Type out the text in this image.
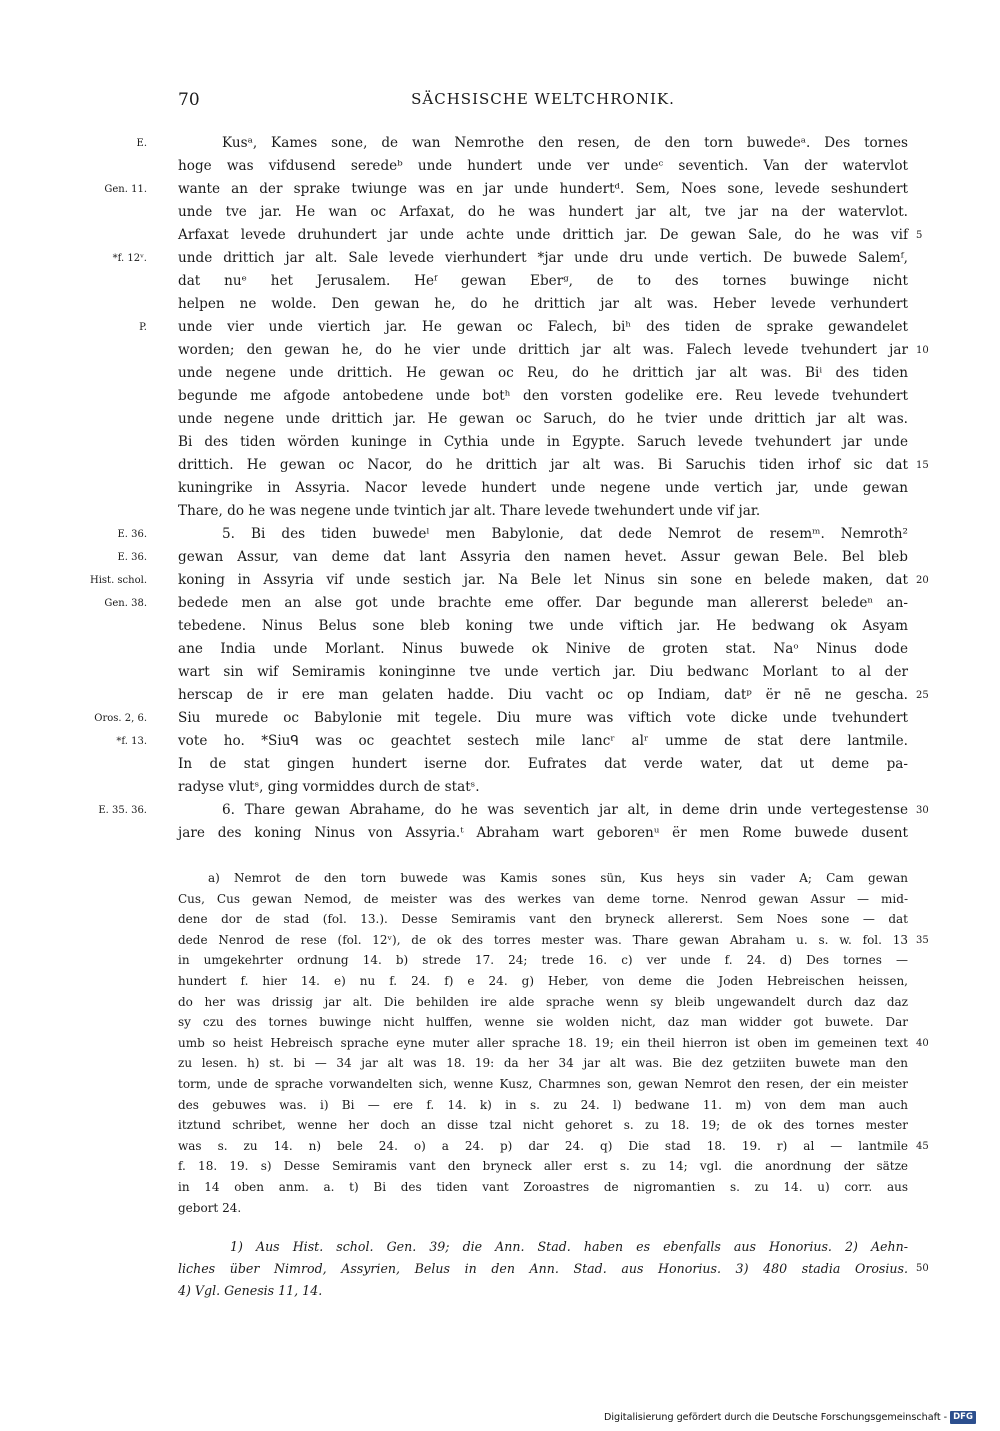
70	SÄCHSISCHE WELTCHRONIK.
E.	Kusᵃ, Kames sone, de wan Nemrothe den resen, de den torn buwedeᵃ. Des tornes
hoge was vifdusend seredeᵇ unde hundert unde ver undeᶜ seventich. Van der watervlot
Gen. 11. wante an der sprake twiunge was en jar unde hundertᵈ. Sem, Noes sone, levede seshundert
unde tve jar. He wan oc Arfaxat, do he was hundert jar alt, tve jar na der watervlot.
Arfaxat levede druhundert jar unde achte unde drittich jar. De gewan Sale, do he was vif 5
*f. 12ᵛ. unde drittich jar alt. Sale levede vierhundert *jar unde dru unde vertich. De buwede Salemᶠ,
dat nuᵉ het Jerusalem. Heᶠ gewan Eberᵍ, de to des tornes buwinge nicht
helpen ne wolde. Den gewan he, do he drittich jar alt was. Heber levede verhundert
P. unde vier unde viertich jar. He gewan oc Falech, biʰ des tiden de sprake gewandelet
worden; den gewan he, do he vier unde drittich jar alt was. Falech levede tvehundert jar 10
unde negene unde drittich. He gewan oc Reu, do he drittich jar alt was. Biⁱ des tiden
begunde me afgode antobedene unde botʰ den vorsten godelike ere. Reu levede tvehundert
unde negene unde drittich jar. He gewan oc Saruch, do he tvier unde drittich jar alt was.
Bi des tiden wörden kuninge in Cythia unde in Egypte. Saruch levede tvehundert jar unde
drittich. He gewan oc Nacor, do he drittich jar alt was. Bi Saruchis tiden irhof sic dat 15
kuningrike in Assyria. Nacor levede hundert unde negene unde vertich jar, unde gewan
Thare, do he was negene unde tvintich jar alt. Thare levede twehundert unde vif jar.
E. 36.	5. Bi des tiden buwedeˡ men Babylonie, dat dede Nemrot de resemᵐ. Nemroth²
E. 36. gewan Assur, van deme dat lant Assyria den namen hevet. Assur gewan Bele. Bel bleb
Hist. schol. koning in Assyria vif unde sestich jar. Na Bele let Ninus sin sone en belede maken, dat 20
Gen. 38. bedede men an alse got unde brachte eme offer. Dar begunde man allererst beledeⁿ an-
tebedene. Ninus Belus sone bleb koning twe unde viftich jar. He bedwang ok Asyam
ane India unde Morlant. Ninus buwede ok Ninive de groten stat. Naᵒ Ninus dode
wart sin wif Semiramis koninginne tve unde vertich jar. Diu bedwanc Morlant to al der
herscap de ir ere man gelaten hadde. Diu vacht oc op Indiam, datᵖ ër nē ne gescha. 25
Oros. 2, 6. Siu murede oc Babylonie mit tegele. Diu mure was viftich vote dicke unde tvehundert
*f. 13. vote ho. *Siuᑫ was oc geachtet sestech mile lancʳ alʳ umme de stat dere lantmile.
In de stat gingen hundert iserne dor. Eufrates dat verde water, dat ut deme pa-
radyse vlutˢ, ging vormiddes durch de statˢ.
E. 35. 36.	6. Thare gewan Abrahame, do he was seventich jar alt, in deme drin unde vertegestense 30
jare des koning Ninus von Assyria.ᵗ Abraham wart geborenᵘ ër men Rome buwede dusent
a) Nemrot de den torn buwede was Kamis sones sün, Kus heys sin vader A; Cam gewan
Cus, Cus gewan Nemod, de meister was des werkes van deme torne. Nenrod gewan Assur — mid-
dene dor de stad (fol. 13.). Desse Semiramis vant den bryneck allererst. Sem Noes sone — dat
dede Nenrod de rese (fol. 12ᵛ), de ok des torres mester was. Thare gewan Abraham u. s. w. fol. 13 35
in umgekehrter ordnung 14. b) strede 17. 24; trede 16. c) ver unde f. 24. d) Des tornes —
hundert f. hier 14. e) nu f. 24. f) e 24. g) Heber, von deme die Joden Hebreischen heissen,
do her was drissig jar alt. Die behilden ire alde sprache wenn sy bleib ungewandelt durch daz daz
sy czu des tornes buwinge nicht hulffen, wenne sie wolden nicht, daz man widder got buwete. Dar
umb so heist Hebreisch sprache eyne muter aller sprache 18. 19; ein theil hierron ist oben im gemeinen text 40
zu lesen. h) st. bi — 34 jar alt was 18. 19: da her 34 jar alt was. Bie dez getziiten buwete man den
torm, unde de sprache vorwandelten sich, wenne Kusz, Charmnes son, gewan Nemrot den resen, der ein meister
des gebuwes was. i) Bi — ere f. 14. k) in s. zu 24. l) bedwane 11. m) von dem man auch
itztund schribet, wenne her doch an disse tzal nicht gehoret s. zu 18. 19; de ok des tornes mester
was s. zu 14. n) bele 24. o) a 24. p) dar 24. q) Die stad 18. 19. r) al — lantmile 45
f. 18. 19. s) Desse Semiramis vant den bryneck aller erst s. zu 14; vgl. die anordnung der sätze
in 14 oben anm. a. t) Bi des tiden vant Zoroastres de nigromantien s. zu 14. u) corr. aus
gebort 24.
1) Aus Hist. schol. Gen. 39; die Ann. Stad. haben es ebenfalls aus Honorius. 2) Aehn-
liches über Nimrod, Assyrien, Belus in den Ann. Stad. aus Honorius. 3) 480 stadia Orosius. 50
4) Vgl. Genesis 11, 14.
Digitalisierung gefördert durch die Deutsche Forschungsgemeinschaft - DFG
